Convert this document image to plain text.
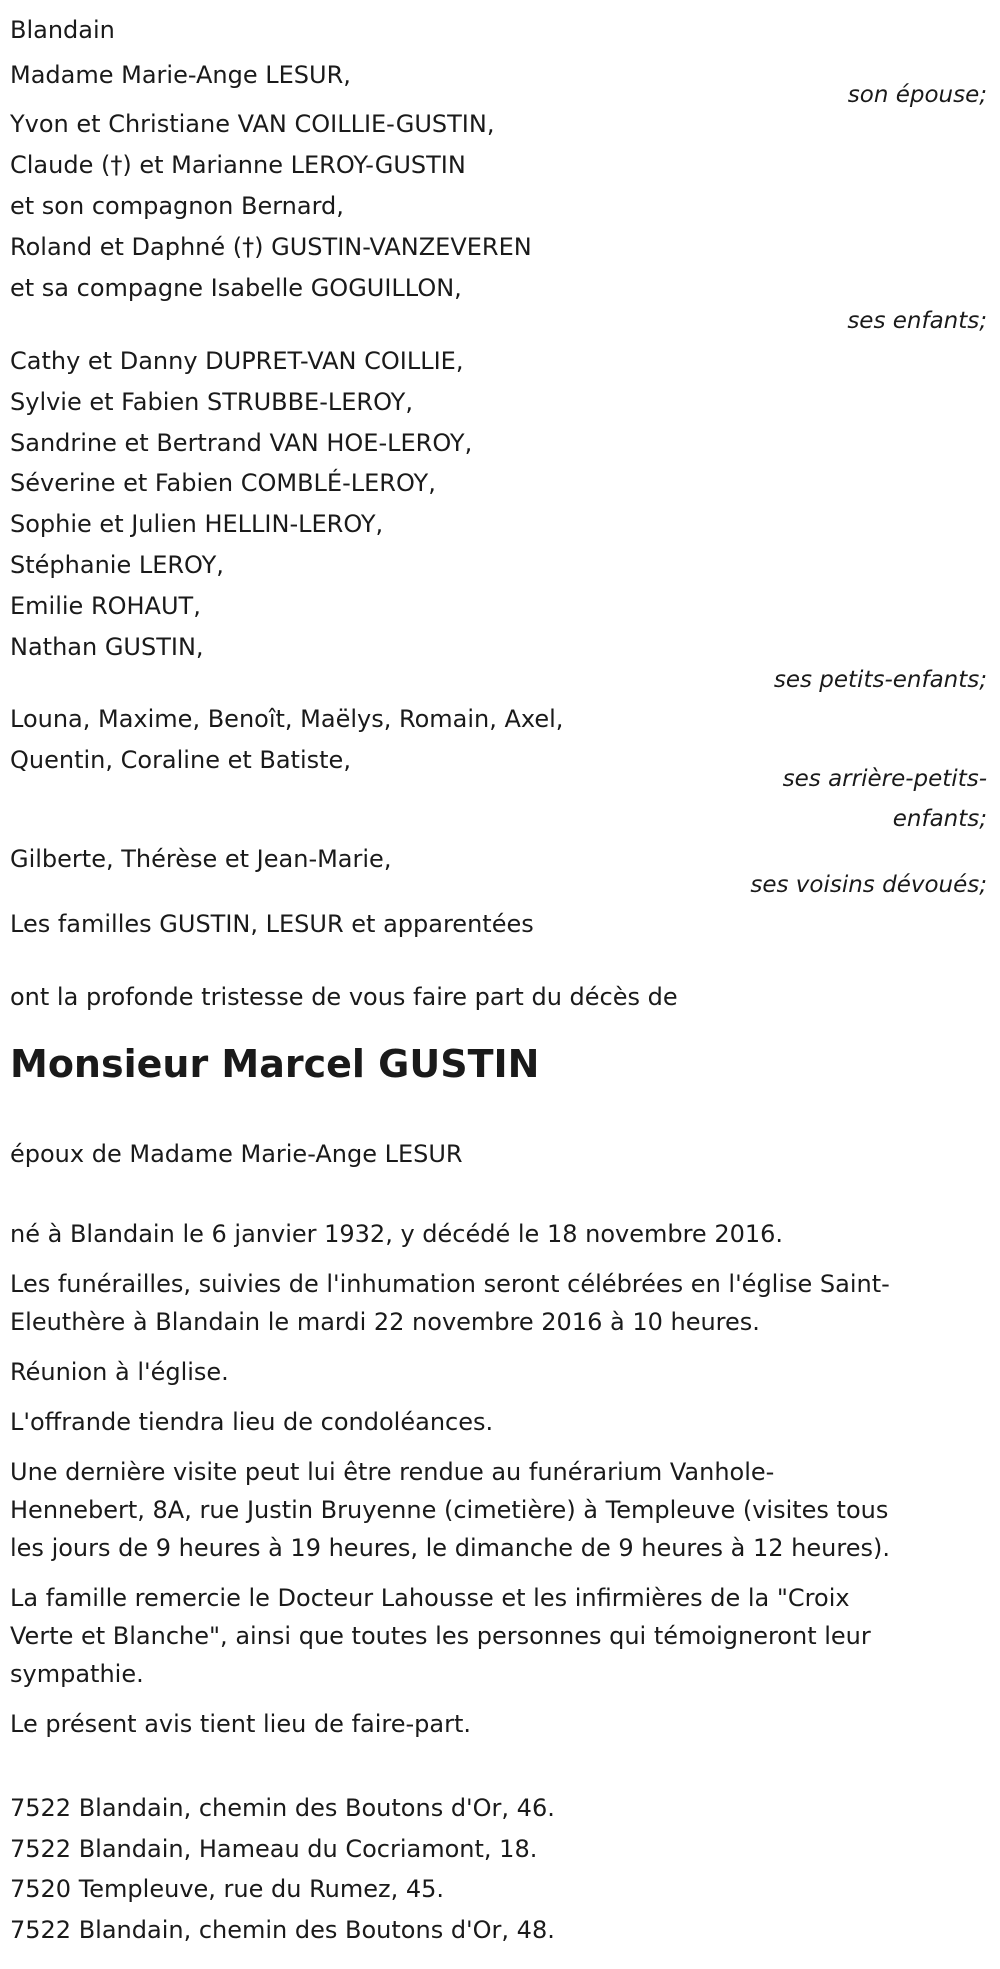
Blandain
Madame Marie-Ange LESUR,
son épouse;
Yvon et Christiane VAN COILLIE-GUSTIN,
Claude (†) et Marianne LEROY-GUSTIN
et son compagnon Bernard,
Roland et Daphné (†) GUSTIN-VANZEVEREN
et sa compagne Isabelle GOGUILLON,
ses enfants;
Cathy et Danny DUPRET-VAN COILLIE,
Sylvie et Fabien STRUBBE-LEROY,
Sandrine et Bertrand VAN HOE-LEROY,
Séverine et Fabien COMBLÉ-LEROY,
Sophie et Julien HELLIN-LEROY,
Stéphanie LEROY,
Emilie ROHAUT,
Nathan GUSTIN,
ses petits-enfants;
Louna, Maxime, Benoît, Maëlys, Romain, Axel,
Quentin, Coraline et Batiste,
ses arrière-petits-
enfants;
Gilberte, Thérèse et Jean-Marie,
ses voisins dévoués;
Les familles GUSTIN, LESUR et apparentées
ont la profonde tristesse de vous faire part du décès de
Monsieur Marcel GUSTIN
époux de Madame Marie-Ange LESUR
né à Blandain le 6 janvier 1932, y décédé le 18 novembre 2016.
Les funérailles, suivies de l'inhumation seront célébrées en l'église Saint-
Eleuthère à Blandain le mardi 22 novembre 2016 à 10 heures.
Réunion à l'église.
L'offrande tiendra lieu de condoléances.
Une dernière visite peut lui être rendue au funérarium Vanhole-
Hennebert, 8A, rue Justin Bruyenne (cimetière) à Templeuve (visites tous
les jours de 9 heures à 19 heures, le dimanche de 9 heures à 12 heures).
La famille remercie le Docteur Lahousse et les infirmières de la "Croix
Verte et Blanche", ainsi que toutes les personnes qui témoigneront leur
sympathie.
Le présent avis tient lieu de faire-part.
7522 Blandain, chemin des Boutons d'Or, 46.
7522 Blandain, Hameau du Cocriamont, 18.
7520 Templeuve, rue du Rumez, 45.
7522 Blandain, chemin des Boutons d'Or, 48.
